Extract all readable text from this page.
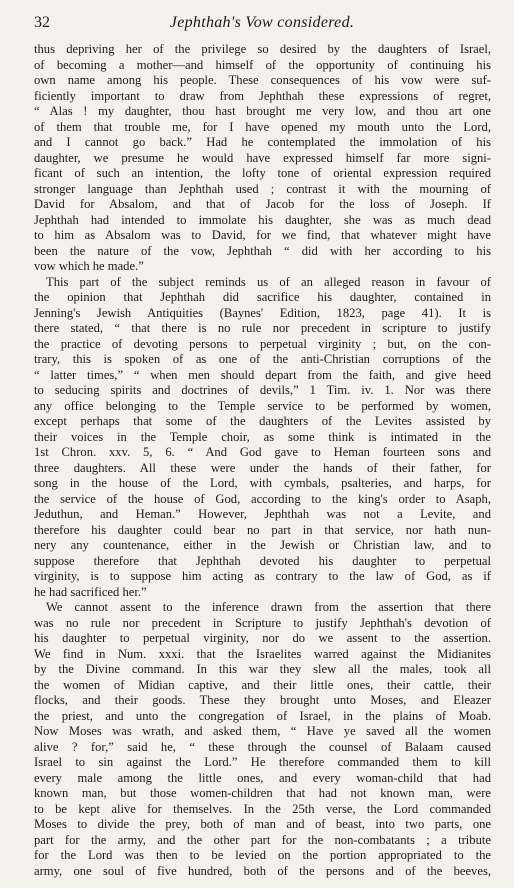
32	Jephthah's Vow considered.
thus depriving her of the privilege so desired by the daughters of Israel,
of becoming a mother—and himself of the opportunity of continuing his
own name among his people. These consequences of his vow were suf-
ficiently important to draw from Jephthah these expressions of regret,
“ Alas ! my daughter, thou hast brought me very low, and thou art one
of them that trouble me, for I have opened my mouth unto the Lord,
and I cannot go back.” Had he contemplated the immolation of his
daughter, we presume he would have expressed himself far more signi-
ficant of such an intention, the lofty tone of oriental expression required
stronger language than Jephthah used ; contrast it with the mourning of
David for Absalom, and that of Jacob for the loss of Joseph. If
Jephthah had intended to immolate his daughter, she was as much dead
to him as Absalom was to David, for we find, that whatever might have
been the nature of the vow, Jephthah “ did with her according to his
vow which he made.”
This part of the subject reminds us of an alleged reason in favour of
the opinion that Jephthah did sacrifice his daughter, contained in
Jenning's Jewish Antiquities (Baynes' Edition, 1823, page 41). It is
there stated, “ that there is no rule nor precedent in scripture to justify
the practice of devoting persons to perpetual virginity ; but, on the con-
trary, this is spoken of as one of the anti-Christian corruptions of the
“ latter times,” “ when men should depart from the faith, and give heed
to seducing spirits and doctrines of devils,” 1 Tim. iv. 1. Nor was there
any office belonging to the Temple service to be performed by women,
except perhaps that some of the daughters of the Levites assisted by
their voices in the Temple choir, as some think is intimated in the
1st Chron. xxv. 5, 6. “ And God gave to Heman fourteen sons and
three daughters. All these were under the hands of their father, for
song in the house of the Lord, with cymbals, psalteries, and harps, for
the service of the house of God, according to the king's order to Asaph,
Jeduthun, and Heman.” However, Jephthah was not a Levite, and
therefore his daughter could bear no part in that service, nor hath nun-
nery any countenance, either in the Jewish or Christian law, and to
suppose therefore that Jephthah devoted his daughter to perpetual
virginity, is to suppose him acting as contrary to the law of God, as if
he had sacrificed her.”
We cannot assent to the inference drawn from the assertion that there
was no rule nor precedent in Scripture to justify Jephthah's devotion of
his daughter to perpetual virginity, nor do we assent to the assertion.
We find in Num. xxxi. that the Israelites warred against the Midianites
by the Divine command. In this war they slew all the males, took all
the women of Midian captive, and their little ones, their cattle, their
flocks, and their goods. These they brought unto Moses, and Eleazer
the priest, and unto the congregation of Israel, in the plains of Moab.
Now Moses was wrath, and asked them, “ Have ye saved all the women
alive ? for,” said he, “ these through the counsel of Balaam caused
Israel to sin against the Lord.” He therefore commanded them to kill
every male among the little ones, and every woman-child that had
known man, but those women-children that had not known man, were
to be kept alive for themselves. In the 25th verse, the Lord commanded
Moses to divide the prey, both of man and of beast, into two parts, one
part for the army, and the other part for the non-combatants ; a tribute
for the Lord was then to be levied on the portion appropriated to the
army, one soul of five hundred, both of the persons and of the beeves,
